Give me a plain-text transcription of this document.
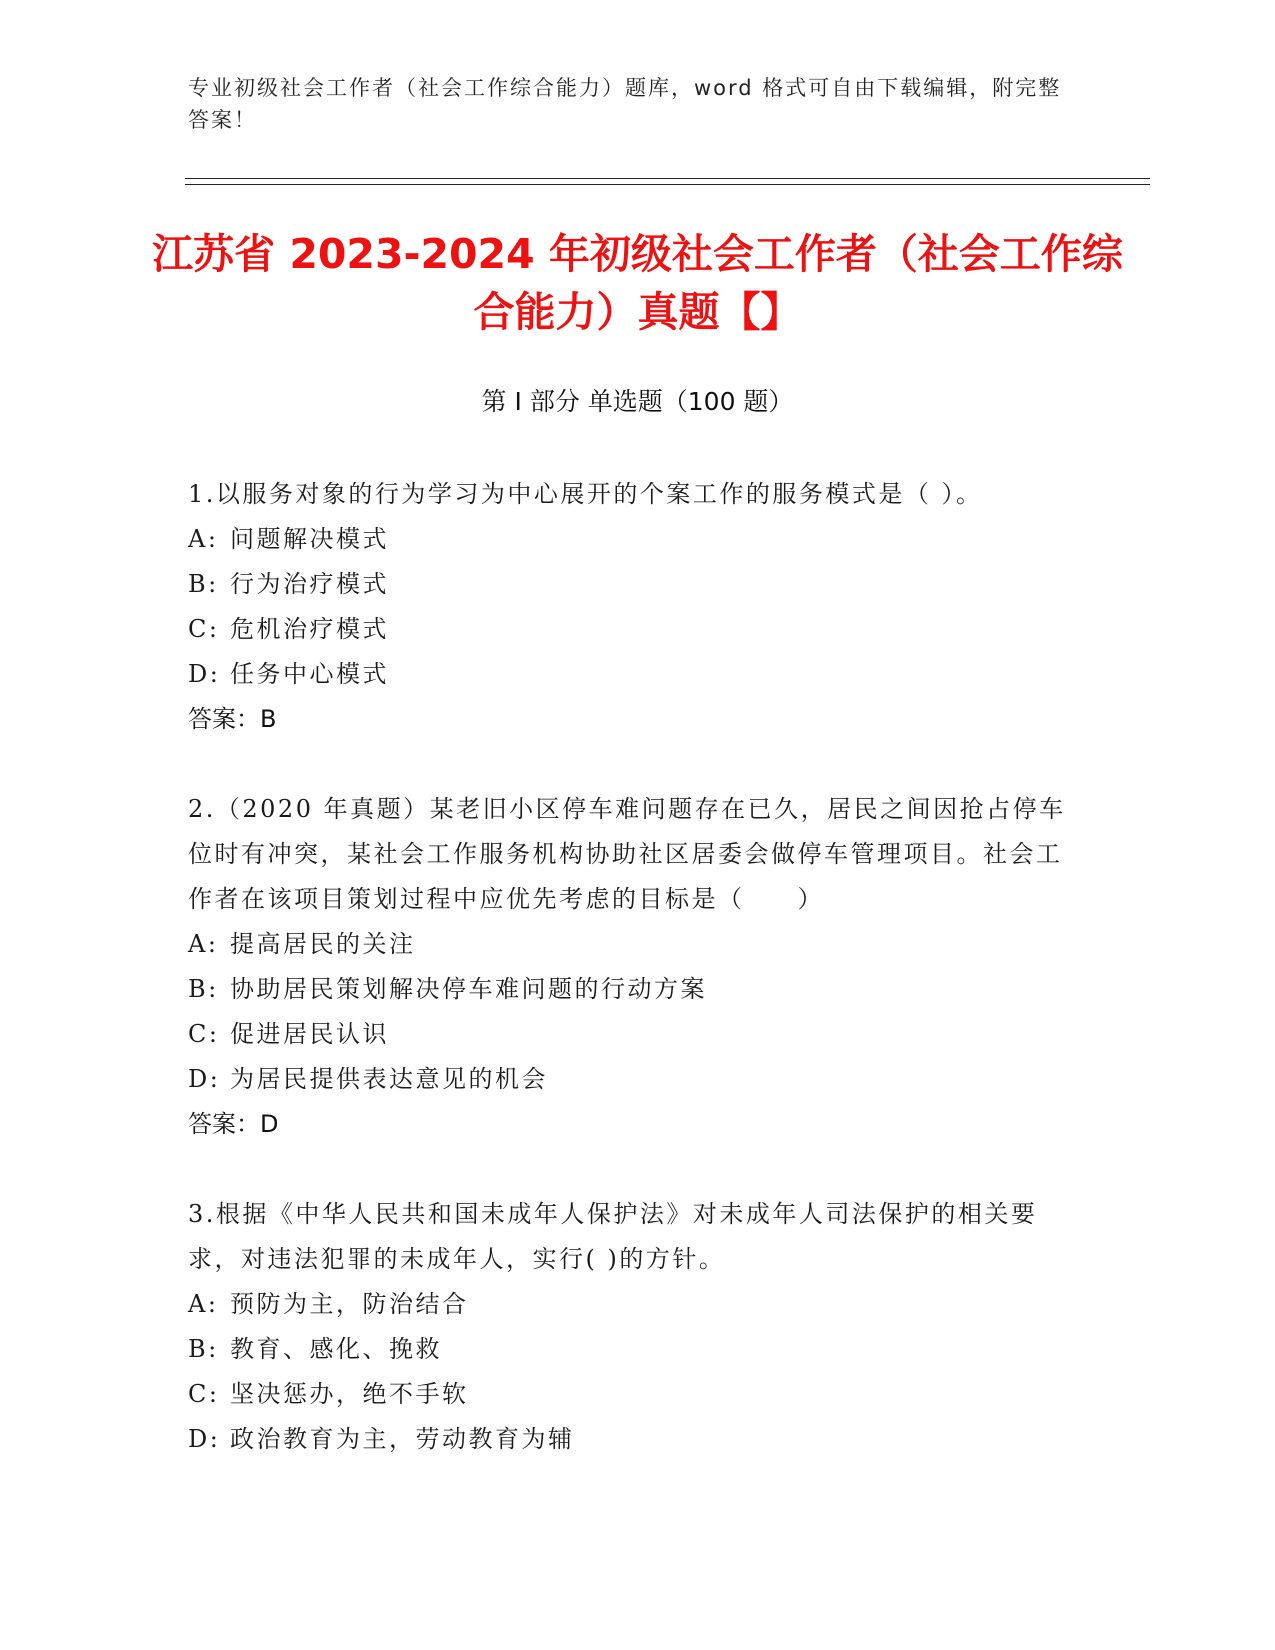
专业初级社会工作者（社会工作综合能力）题库，word 格式可自由下载编辑，附完整答案！
江苏省 2023-2024 年初级社会工作者（社会工作综合能力）真题【】
第 I 部分 单选题（100 题）
1.以服务对象的行为学习为中心展开的个案工作的服务模式是（ ）。
A: 问题解决模式
B: 行为治疗模式
C: 危机治疗模式
D: 任务中心模式
答案：B
2.（2020 年真题）某老旧小区停车难问题存在已久，居民之间因抢占停车位时有冲突，某社会工作服务机构协助社区居委会做停车管理项目。社会工作者在该项目策划过程中应优先考虑的目标是（　　）
A: 提高居民的关注
B: 协助居民策划解决停车难问题的行动方案
C: 促进居民认识
D: 为居民提供表达意见的机会
答案：D
3.根据《中华人民共和国未成年人保护法》对未成年人司法保护的相关要求，对违法犯罪的未成年人，实行( )的方针。
A: 预防为主，防治结合
B: 教育、感化、挽救
C: 坚决惩办，绝不手软
D: 政治教育为主，劳动教育为辅
